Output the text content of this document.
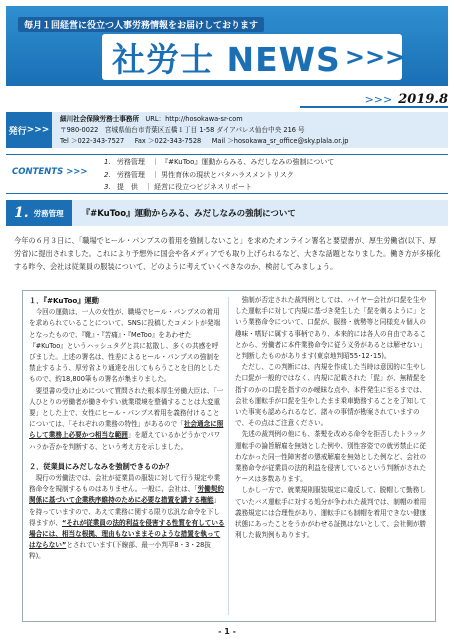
毎月１回経営に役立つ人事労務情報をお届けしております
社労士 NEWS >>>
>>> 2019.8
発行 >>>
細川社会保険労務士事務所 URL：http://hosokawa-sr-com
〒980-0022　宮城県仙台市青葉区五橋１丁目 1-58 ダイアパレス仙台中央 216 号
Tel ＞022-343-7527 Fax ＞022-343-7528 Mail ＞hosokawa_sr_office@sky.plala.or.jp
CONTENTS >>>
1. 労務管理　｜ 『#KuToo』運動からみる、みだしなみの強制について
2. 労務管理　｜ 男性育休の現状とパタハラスメントリスク
3. 提　供　｜ 経営に役立つビジネスリポート
1. 労務管理 『#KuToo』運動からみる、みだしなみの強制について

今年の６月３日に、「職場でヒール・パンプスの着用を強制しないこと」を求めたオンライン署名と要望書が、厚生労働省(以下、厚労省)に提出されました。これにより予想外に国会や各メディアでも取り上げられるなど、大きな話題となりました。働き方が多様化する昨今、会社は従業員の服装について、どのように考えていくべきなのか、検討してみましょう。

１．『#KuToo』運動

今回の運動は、一人の女性が、職場でヒール・パンプスの着用を求められていることについて、SNSに投稿したコメントが発端となったもので、『靴』・『苦痛』・『MeToo』をあわせた『#KuToo』というハッシュタグと共に拡散し、多くの共感を呼びました。上述の署名は、性差によるヒール・パンプスの強制を禁止するよう、厚労省より通達を出してもらうことを目的としたもので、約18,800筆もの署名が集まりました。

要望書の受け止めについて質問された根本厚生労働大臣は、「一人ひとりの労働者が働きやすい就業環境を整備することは大変重要」とした上で、女性にヒール・パンプス着用を義務付けることについては、「それぞれの業務の特性」があるので「社会通念に照らして業務上必要かつ相当な範囲」を超えているかどうかでパワハラか否かを判断する、という考え方を示しました。

２．従業員にみだしなみを強制できるのか？

現行の労働法では、会社が従業員の服装に対して行う規定や業務命令を規制するものはありません。一般に、会社は、「労働契約関係に基づいて企業秩序維持のために必要な措置を講する権能」を持っていますので、あえて業務に関する限り広汎な命令を下し得ますが、“それが従業員の法的利益を侵害する性質を有している場合には、相当な根拠、理由もないままそのような措置を執ってはならない”とされています(下線部、最一小判平8・3・28抜粋)。

強制が否定された裁判例としては、ハイヤー会社が口髭を生やした運転手に対して内規に基づき発生した「髭を剃るように」という業務命令について、口髭が、服務・就勢等と同様充々個人の趣味・嗜好に属する事柄であり、本来的には各人の自由であることから、労働者に本件業務命令に従う义务があるとは解せない」と判断したものがあります(東京地判昭55･12･15)。

ただし、この判断には、内規を作成した当時は意図的に生やした口髭が一般的ではなく、内規に記載された「髭」が、無精髭を指すのかの口髭を指すのか曖昧な点や、本件発生に至るまでは、会社も運転手が口髭を生やしたまま乗車勤務することを了知していた事実も認められるなど、諸々の事情が勘案されていますので、その点はご注意ください。

先述の裁判例の他にも、茶髪を改める命令を拒否したトラック運転手の論旨解雇を無効とした例や、別性容姿での就労禁止に従わなかった同一性障害者の懲戒解雇を無効とした例など、会社の業務命令が従業員の法的利益を侵害しているという判断がされたケースは多数あります。

しかし一方で、就業規則服装規定に違反して、脱帽して勤務していたバス運転手に対する処分が争われた裁判では、制帽の着用義務規定には合理性があり、運転手にも制帽を着用できない健康状態にあったことをうかがわせる証拠はないとして、会社側が勝利した裁判例もあります。

- 1 -
